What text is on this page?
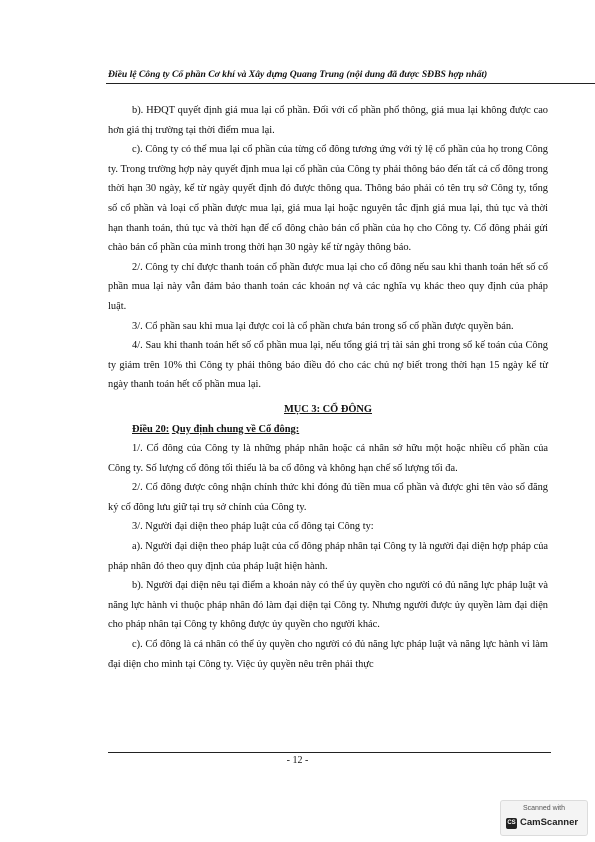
Điều lệ Công ty Cổ phần Cơ khí và Xây dựng Quang Trung (nội dung đã được SĐBS hợp nhất)

b). HĐQT quyết định giá mua lại cổ phần. Đối với cổ phần phổ thông, giá mua lại không được cao hơn giá thị trường tại thời điểm mua lại.

c). Công ty có thể mua lại cổ phần của từng cổ đông tương ứng với tỷ lệ cổ phần của họ trong Công ty. Trong trường hợp này quyết định mua lại cổ phần của Công ty phải thông báo đến tất cả cổ đông trong thời hạn 30 ngày, kể từ ngày quyết định đó được thông qua. Thông báo phải có tên trụ sở Công ty, tổng số cổ phần và loại cổ phần được mua lại, giá mua lại hoặc nguyên tắc định giá mua lại, thủ tục và thời hạn thanh toán, thủ tục và thời hạn để cổ đông chào bán cổ phần của họ cho Công ty. Cổ đông phải gửi chào bán cổ phần của mình trong thời hạn 30 ngày kể từ ngày thông báo.

2/. Công ty chỉ được thanh toán cổ phần được mua lại cho cổ đông nếu sau khi thanh toán hết số cổ phần mua lại này vẫn đảm bảo thanh toán các khoản nợ và các nghĩa vụ khác theo quy định của pháp luật.

3/. Cổ phần sau khi mua lại được coi là cổ phần chưa bán trong số cổ phần được quyền bán.

4/. Sau khi thanh toán hết số cổ phần mua lại, nếu tổng giá trị tài sản ghi trong sổ kế toán của Công ty giảm trên 10% thì Công ty phải thông báo điều đó cho các chủ nợ biết trong thời hạn 15 ngày kể từ ngày thanh toán hết cổ phần mua lại.

MỤC 3: CỔ ĐÔNG

Điều 20: Quy định chung về Cổ đông:

1/. Cổ đông của Công ty là những pháp nhân hoặc cá nhân sở hữu một hoặc nhiều cổ phần của Công ty. Số lượng cổ đông tối thiểu là ba cổ đông và không hạn chế số lượng tối đa.

2/. Cổ đông được công nhận chính thức khi đóng đủ tiền mua cổ phần và được ghi tên vào sổ đăng ký cổ đông lưu giữ tại trụ sở chính của Công ty.

3/. Người đại diện theo pháp luật của cổ đông tại Công ty:

a). Người đại diện theo pháp luật của cổ đông pháp nhân tại Công ty là người đại diện hợp pháp của pháp nhân đó theo quy định của pháp luật hiện hành.

b). Người đại diện nêu tại điểm a khoản này có thể ủy quyền cho người có đủ năng lực pháp luật và năng lực hành vi thuộc pháp nhân đó làm đại diện tại Công ty. Nhưng người được ủy quyền làm đại diện cho pháp nhân tại Công ty không được ủy quyền cho người khác.

c). Cổ đông là cá nhân có thể ủy quyền cho người có đủ năng lực pháp luật và năng lực hành vi làm đại diện cho mình tại Công ty. Việc ủy quyền nêu trên phải thực

- 12 -
Scanned with
CS CamScanner
